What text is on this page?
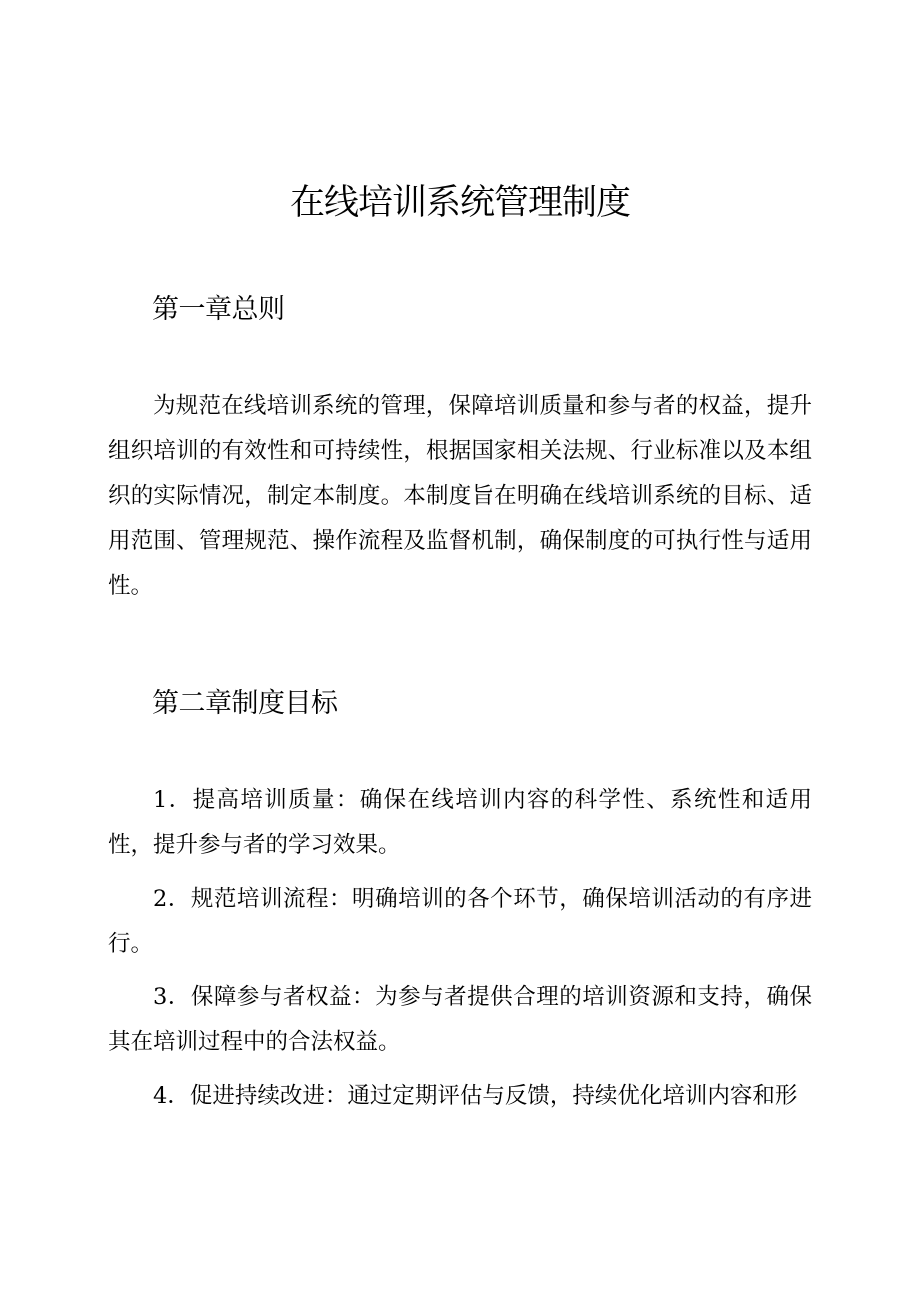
在线培训系统管理制度
第一章总则

为规范在线培训系统的管理，保障培训质量和参与者的权益，提升组织培训的有效性和可持续性，根据国家相关法规、行业标准以及本组织的实际情况，制定本制度。本制度旨在明确在线培训系统的目标、适用范围、管理规范、操作流程及监督机制，确保制度的可执行性与适用性。

第二章制度目标

1．提高培训质量：确保在线培训内容的科学性、系统性和适用性，提升参与者的学习效果。

2．规范培训流程：明确培训的各个环节，确保培训活动的有序进行。

3．保障参与者权益：为参与者提供合理的培训资源和支持，确保其在培训过程中的合法权益。

4．促进持续改进：通过定期评估与反馈，持续优化培训内容和形
